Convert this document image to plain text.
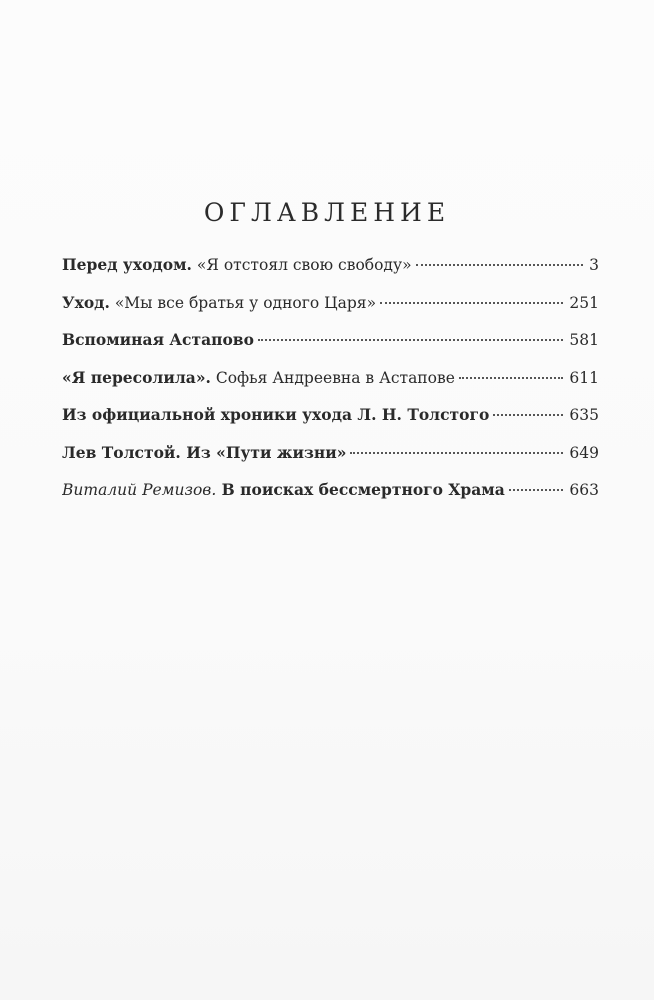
ОГЛАВЛЕНИЕ
Перед уходом. «Я отстоял свою свободу»	3
Уход. «Мы все братья у одного Царя»	251
Вспоминая Астапово	581
«Я пересолила». Софья Андреевна в Астапове	611
Из официальной хроники ухода Л. Н. Толстого	635
Лев Толстой. Из «Пути жизни»	649
Виталий Ремизов. В поисках бессмертного Храма	663
